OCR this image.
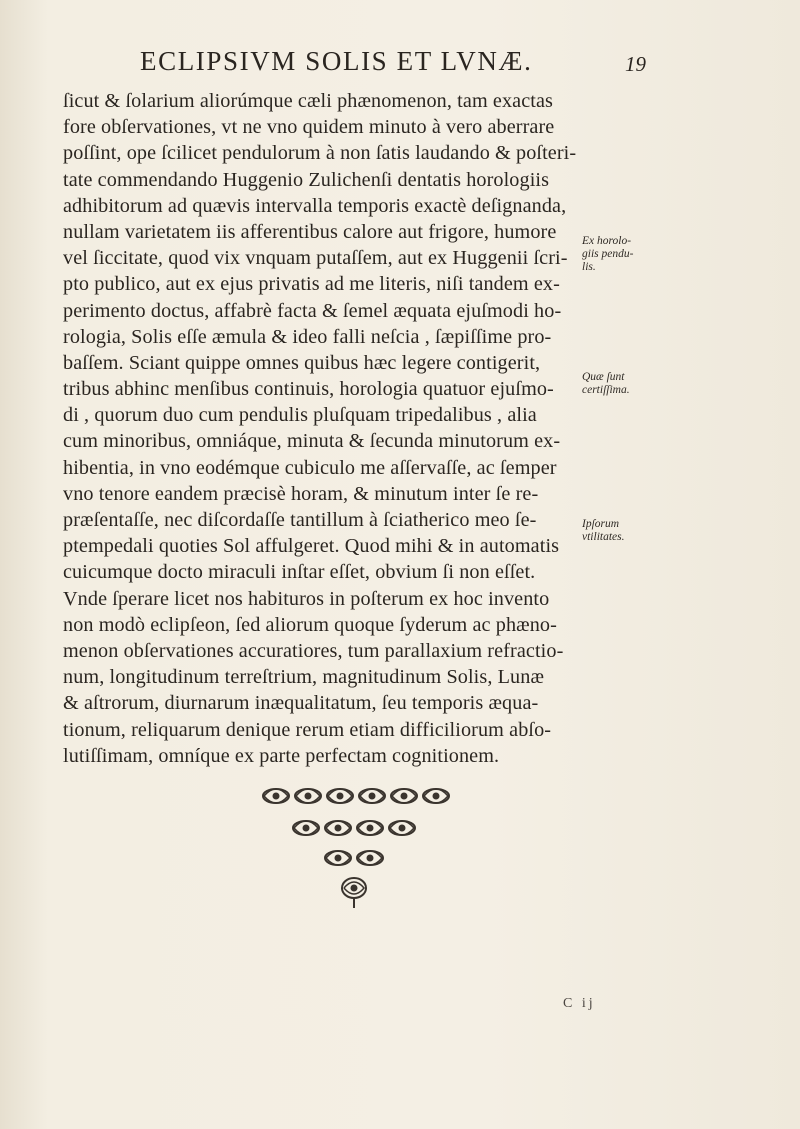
ECLIPSIVM SOLIS ET LVNÆ.	19
ſicut & ſolarium aliorúmque cæli phænomenon, tam exactas
fore obſervationes, vt ne vno quidem minuto à vero aberrare
poſſint, ope ſcilicet pendulorum à non ſatis laudando & poſteri-
tate commendando Huggenio Zulichenſi dentatis horologiis
adhibitorum ad quævis intervalla temporis exactè deſignanda,
nullam varietatem iis afferentibus calore aut frigore, humore
vel ſiccitate, quod vix vnquam putaſſem, aut ex Huggenii ſcri-
pto publico, aut ex ejus privatis ad me literis, niſi tandem ex-
perimento doctus, affabrè facta & ſemel æquata ejuſmodi ho-
rologia, Solis eſſe æmula & ideo falli neſcia , ſæpiſſime pro-
baſſem. Sciant quippe omnes quibus hæc legere contigerit,
tribus abhinc menſibus continuis, horologia quatuor ejuſmo-
di , quorum duo cum pendulis pluſquam tripedalibus , alia
cum minoribus, omniáque, minuta & ſecunda minutorum ex-
hibentia, in vno eodémque cubiculo me aſſervaſſe, ac ſemper
vno tenore eandem præcisè horam, & minutum inter ſe re-
præſentaſſe, nec diſcordaſſe tantillum à ſciatherico meo ſe-
ptempedali quoties Sol affulgeret. Quod mihi & in automatis
cuicumque docto miraculi inſtar eſſet, obvium ſi non eſſet.
Vnde ſperare licet nos habituros in poſterum ex hoc invento
non modò eclipſeon, ſed aliorum quoque ſyderum ac phæno-
menon obſervationes accuratiores, tum parallaxium refractio-
num, longitudinum terreſtrium, magnitudinum Solis, Lunæ
& aſtrorum, diurnarum inæqualitatum, ſeu temporis æqua-
tionum, reliquarum denique rerum etiam difficiliorum abſo-
lutiſſimam, omníque ex parte perfectam cognitionem.
Ex horolo-
giis pendu-
lis.
Quæ ſunt
certiſſima.
Ipſorum
vtilitates.
C ij
